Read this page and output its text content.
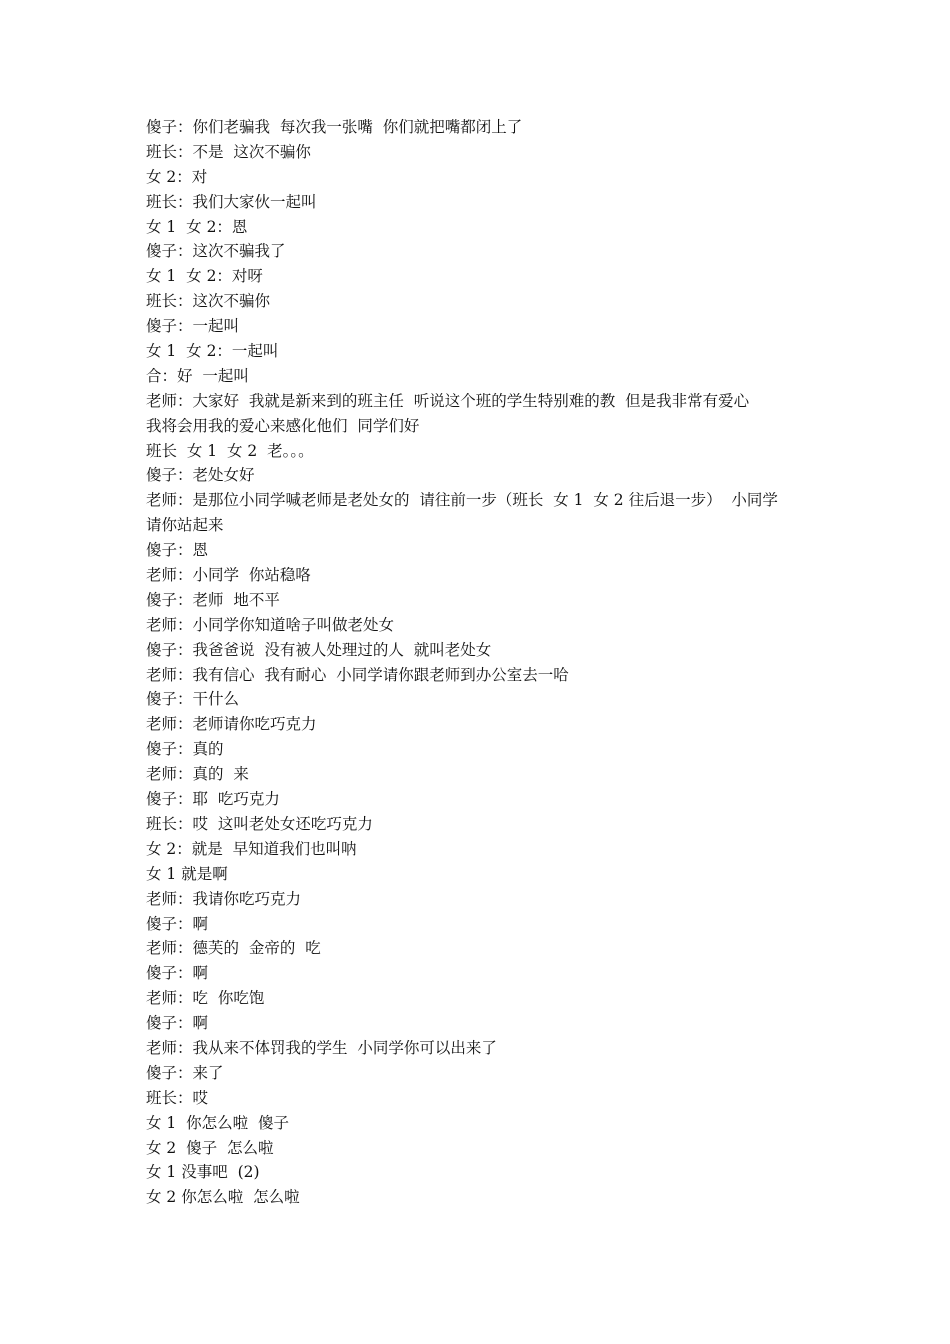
傻子：你们老骗我  每次我一张嘴  你们就把嘴都闭上了
班长：不是  这次不骗你
女 2：对
班长：我们大家伙一起叫
女 1  女 2：恩
傻子：这次不骗我了
女 1  女 2：对呀
班长：这次不骗你
傻子：一起叫
女 1  女 2：一起叫
合：好  一起叫
老师：大家好  我就是新来到的班主任  听说这个班的学生特别难的教  但是我非常有爱心
我将会用我的爱心来感化他们  同学们好
班长  女 1  女 2  老。。。
傻子：老处女好
老师：是那位小同学喊老师是老处女的  请往前一步（班长  女 1  女 2 往后退一步）  小同学
请你站起来
傻子：恩
老师：小同学  你站稳咯
傻子：老师  地不平
老师：小同学你知道啥子叫做老处女
傻子：我爸爸说  没有被人处理过的人  就叫老处女
老师：我有信心  我有耐心  小同学请你跟老师到办公室去一哈
傻子：干什么
老师：老师请你吃巧克力
傻子：真的
老师：真的  来
傻子：耶  吃巧克力
班长：哎  这叫老处女还吃巧克力
女 2：就是  早知道我们也叫呐
女 1 就是啊
老师：我请你吃巧克力
傻子：啊
老师：德芙的  金帝的  吃
傻子：啊
老师：吃  你吃饱
傻子：啊
老师：我从来不体罚我的学生  小同学你可以出来了
傻子：来了
班长：哎
女 1  你怎么啦  傻子
女 2  傻子  怎么啦
女 1 没事吧  (2)
女 2 你怎么啦  怎么啦
